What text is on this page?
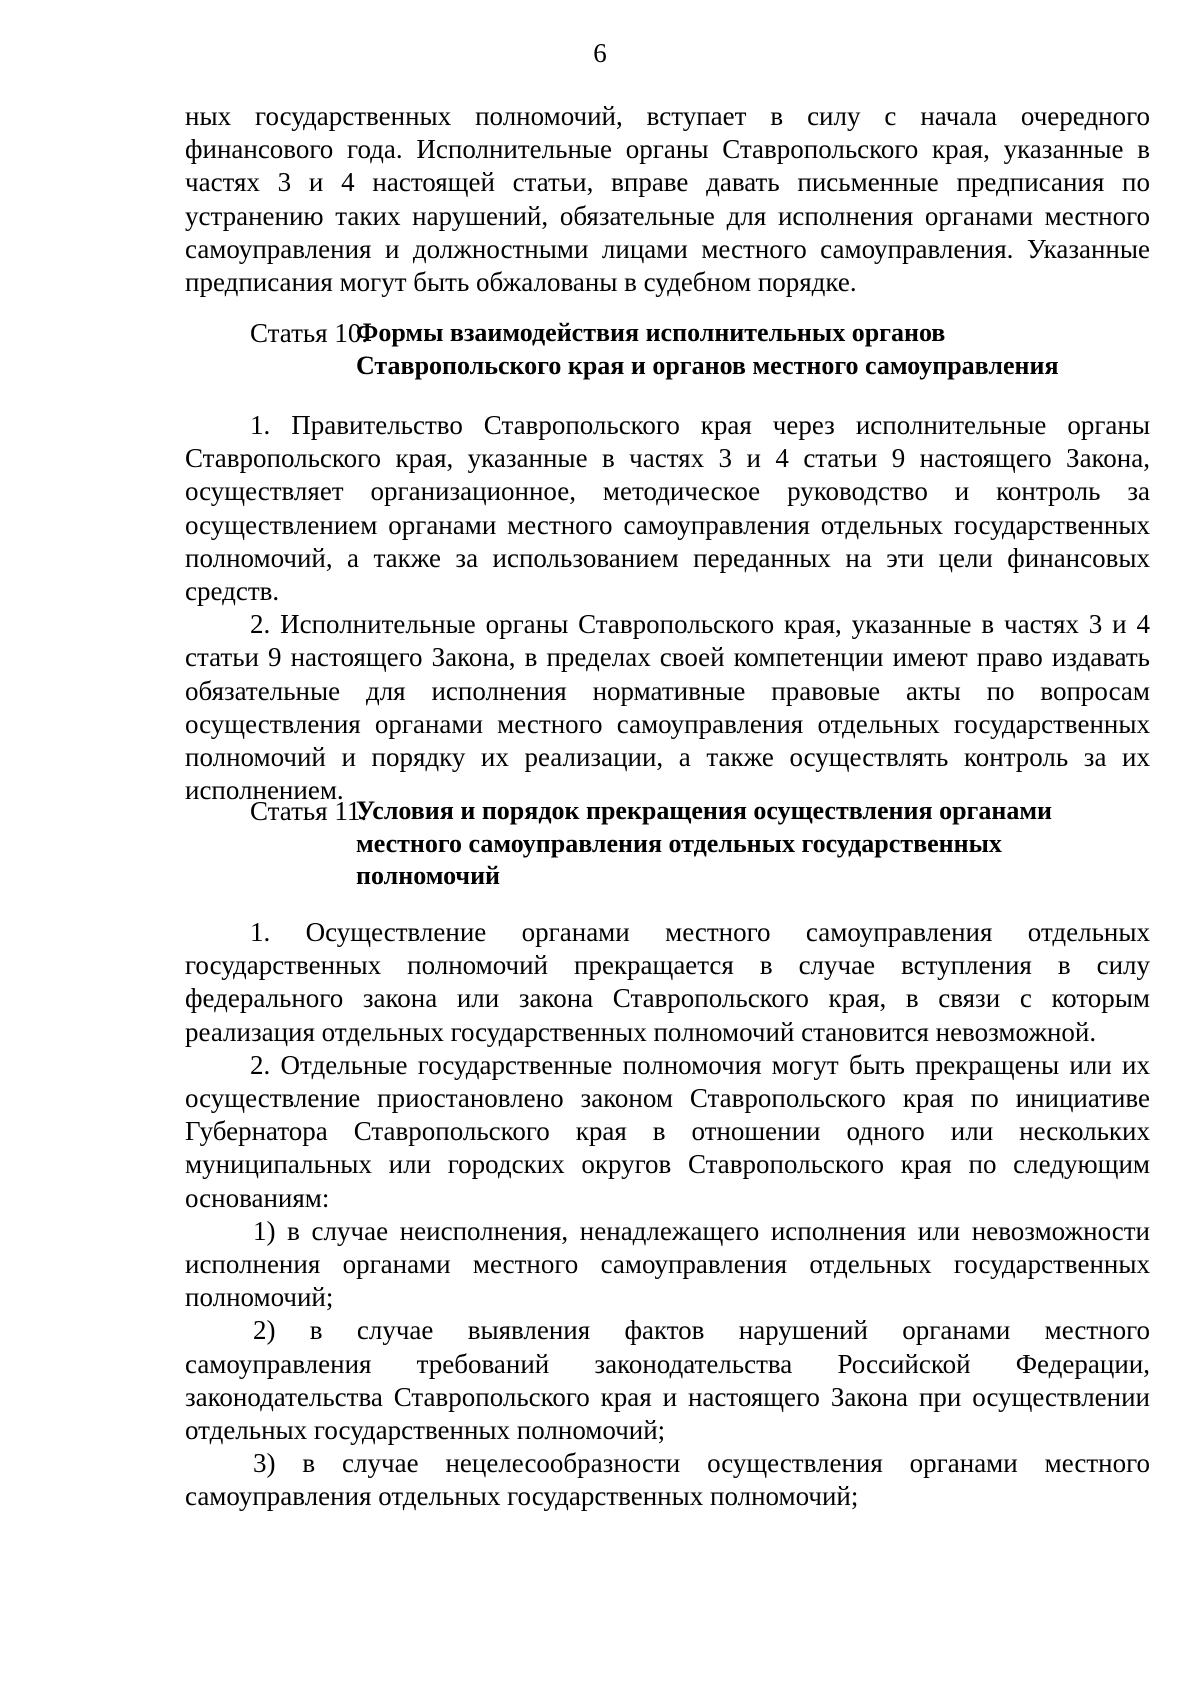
6

ных государственных полномочий, вступает в силу с начала очередного финансового года. Исполнительные органы Ставропольского края, указанные в частях 3 и 4 настоящей статьи, вправе давать письменные предписания по устранению таких нарушений, обязательные для исполнения органами местного самоуправления и должностными лицами местного самоуправления. Указанные предписания могут быть обжалованы в судебном порядке.

Статья 10.
Формы взаимодействия исполнительных органов
Ставропольского края и органов местного самоуправления

1. Правительство Ставропольского края через исполнительные органы Ставропольского края, указанные в частях 3 и 4 статьи 9 настоящего Закона, осуществляет организационное, методическое руководство и контроль за осуществлением органами местного самоуправления отдельных государственных полномочий, а также за использованием переданных на эти цели финансовых средств.

2. Исполнительные органы Ставропольского края, указанные в частях 3 и 4 статьи 9 настоящего Закона, в пределах своей компетенции имеют право издавать обязательные для исполнения нормативные правовые акты по вопросам осуществления органами местного самоуправления отдельных государственных полномочий и порядку их реализации, а также осуществлять контроль за их исполнением.

Статья 11.
Условия и порядок прекращения осуществления органами
местного самоуправления отдельных государственных
полномочий

1. Осуществление органами местного самоуправления отдельных государственных полномочий прекращается в случае вступления в силу федерального закона или закона Ставропольского края, в связи с которым реализация отдельных государственных полномочий становится невозможной.

2. Отдельные государственные полномочия могут быть прекращены или их осуществление приостановлено законом Ставропольского края по инициативе Губернатора Ставропольского края в отношении одного или нескольких муниципальных или городских округов Ставропольского края по следующим основаниям:

1) в случае неисполнения, ненадлежащего исполнения или невозможности исполнения органами местного самоуправления отдельных государственных полномочий;

2) в случае выявления фактов нарушений органами местного самоуправления требований законодательства Российской Федерации, законодательства Ставропольского края и настоящего Закона при осуществлении отдельных государственных полномочий;

3) в случае нецелесообразности осуществления органами местного самоуправления отдельных государственных полномочий;
